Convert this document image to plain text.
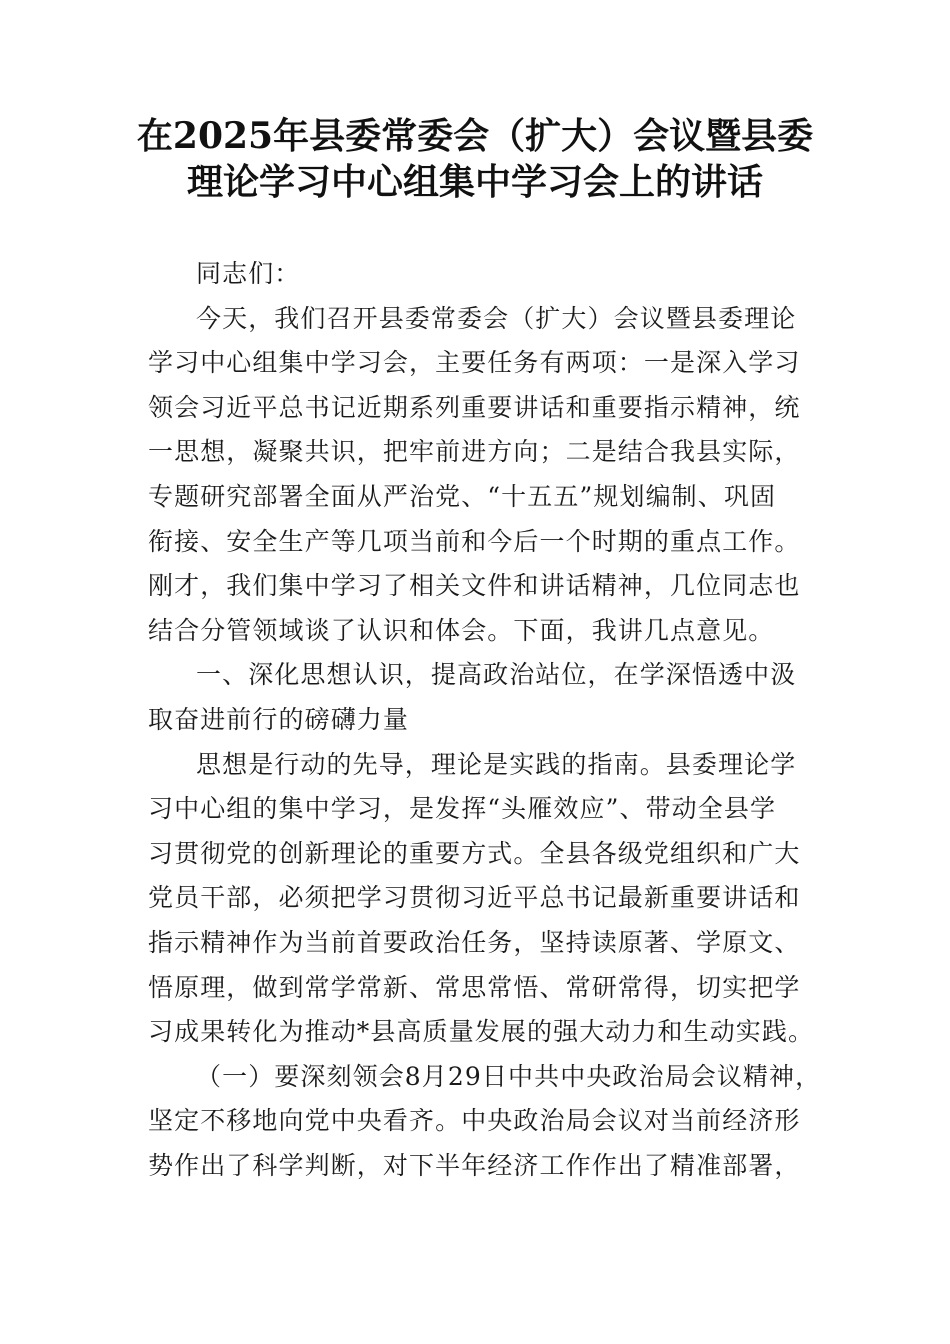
在2025年县委常委会（扩大）会议暨县委
理论学习中心组集中学习会上的讲话
同志们：
今天，我们召开县委常委会（扩大）会议暨县委理论
学习中心组集中学习会，主要任务有两项：一是深入学习
领会习近平总书记近期系列重要讲话和重要指示精神，统
一思想，凝聚共识，把牢前进方向；二是结合我县实际，
专题研究部署全面从严治党、“十五五”规划编制、巩固
衔接、安全生产等几项当前和今后一个时期的重点工作。
刚才，我们集中学习了相关文件和讲话精神，几位同志也
结合分管领域谈了认识和体会。下面，我讲几点意见。
一、深化思想认识，提高政治站位，在学深悟透中汲
取奋进前行的磅礴力量
思想是行动的先导，理论是实践的指南。县委理论学
习中心组的集中学习，是发挥“头雁效应”、带动全县学
习贯彻党的创新理论的重要方式。全县各级党组织和广大
党员干部，必须把学习贯彻习近平总书记最新重要讲话和
指示精神作为当前首要政治任务，坚持读原著、学原文、
悟原理，做到常学常新、常思常悟、常研常得，切实把学
习成果转化为推动*县高质量发展的强大动力和生动实践。
（一）要深刻领会8月29日中共中央政治局会议精神，
坚定不移地向党中央看齐。中央政治局会议对当前经济形
势作出了科学判断，对下半年经济工作作出了精准部署，
